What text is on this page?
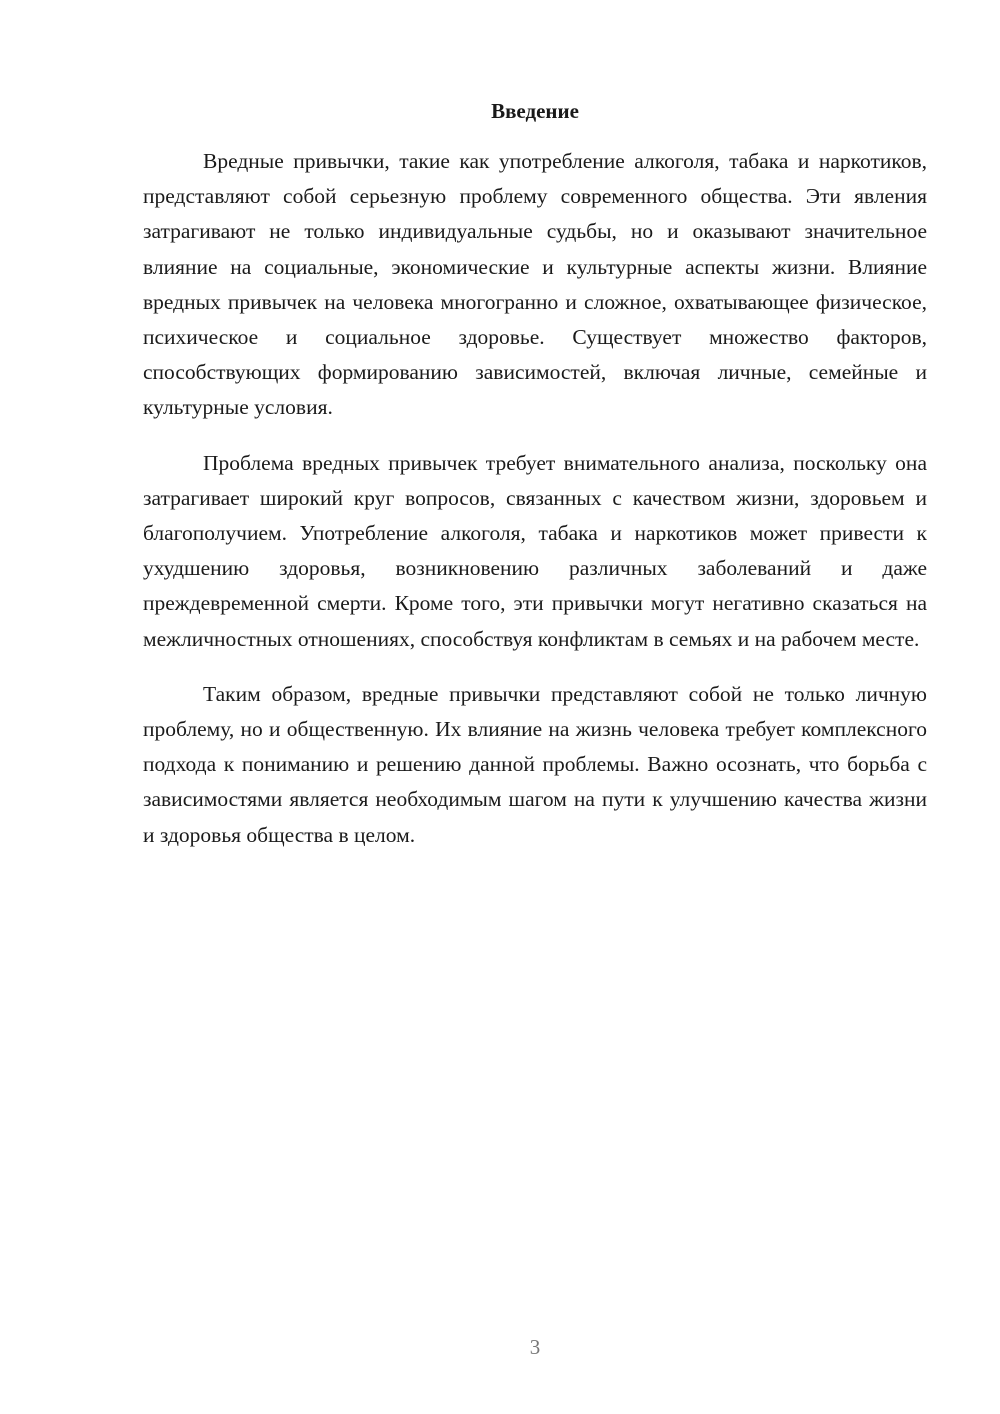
Введение

Вредные привычки, такие как употребление алкоголя, табака и наркотиков, представляют собой серьезную проблему современного общества. Эти явления затрагивают не только индивидуальные судьбы, но и оказывают значительное влияние на социальные, экономические и культурные аспекты жизни. Влияние вредных привычек на человека многогранно и сложное, охватывающее физическое, психическое и социальное здоровье. Существует множество факторов, способствующих формированию зависимостей, включая личные, семейные и культурные условия.

Проблема вредных привычек требует внимательного анализа, поскольку она затрагивает широкий круг вопросов, связанных с качеством жизни, здоровьем и благополучием. Употребление алкоголя, табака и наркотиков может привести к ухудшению здоровья, возникновению различных заболеваний и даже преждевременной смерти. Кроме того, эти привычки могут негативно сказаться на межличностных отношениях, способствуя конфликтам в семьях и на рабочем месте.

Таким образом, вредные привычки представляют собой не только личную проблему, но и общественную. Их влияние на жизнь человека требует комплексного подхода к пониманию и решению данной проблемы. Важно осознать, что борьба с зависимостями является необходимым шагом на пути к улучшению качества жизни и здоровья общества в целом.

3
